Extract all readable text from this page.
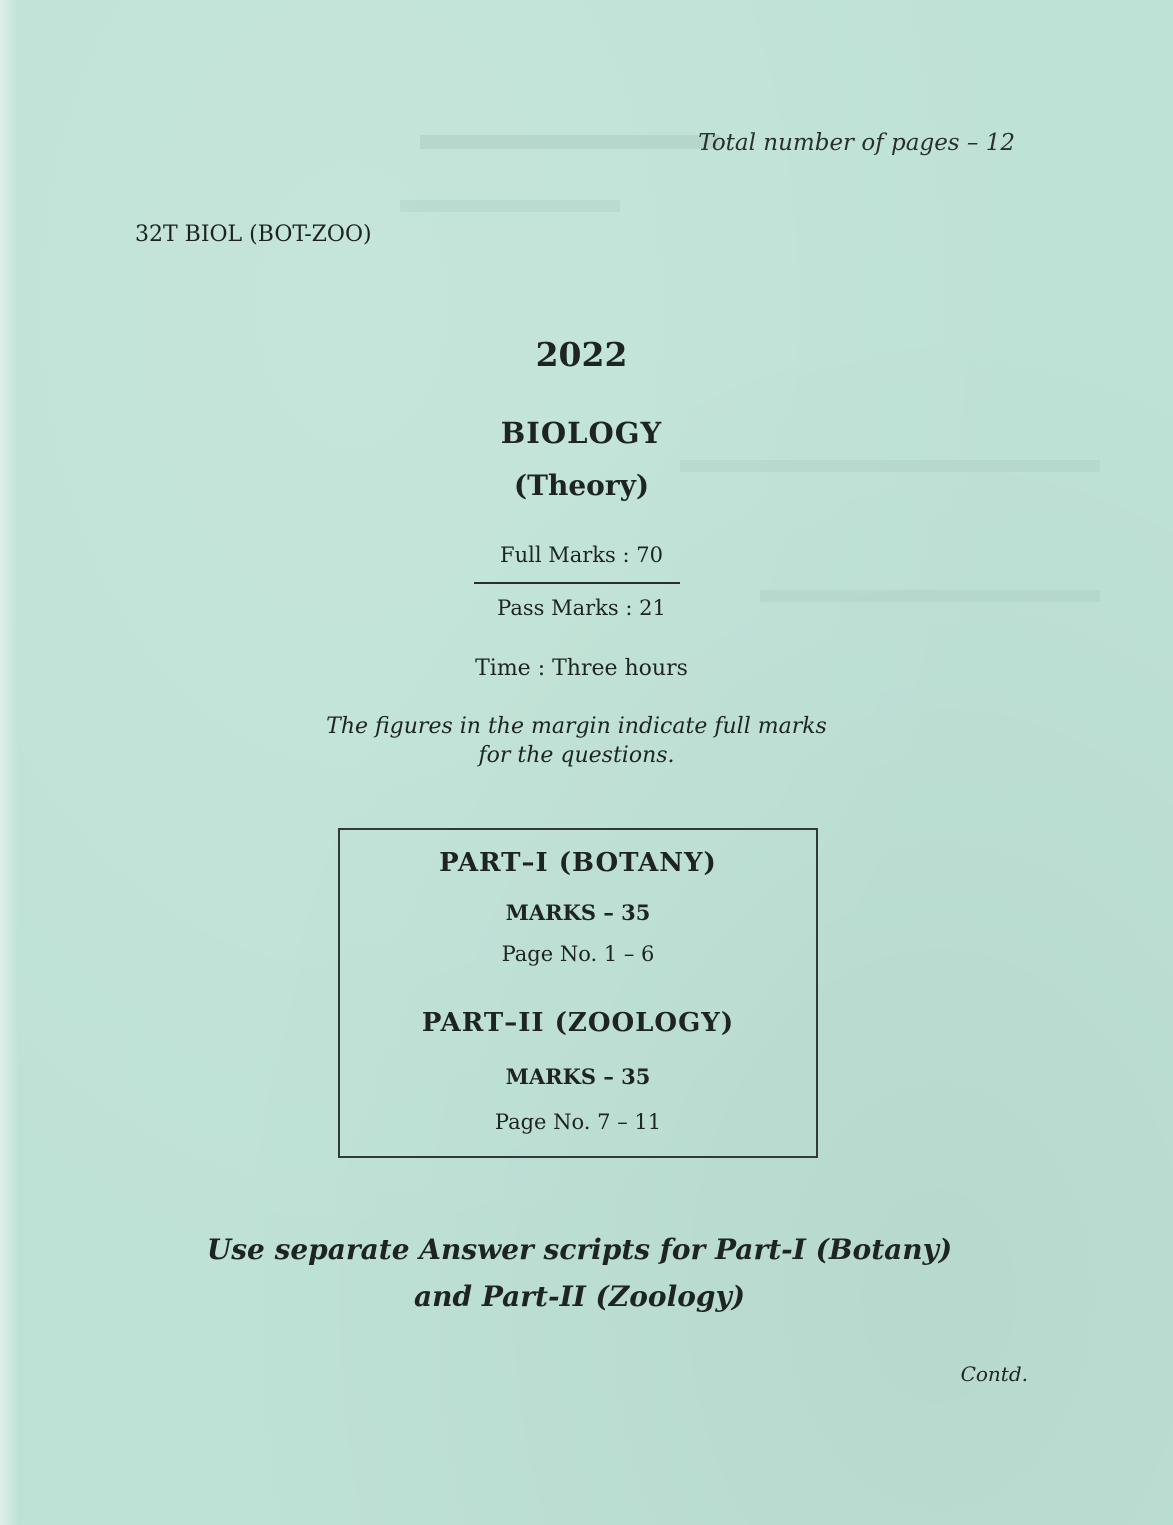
Total number of pages – 12
32T BIOL (BOT-ZOO)
2022
BIOLOGY
(Theory)
Full Marks : 70
Pass Marks : 21
Time : Three hours
The figures in the margin indicate full marks
for the questions.
PART–I (BOTANY)
MARKS – 35
Page No. 1 – 6
PART–II (ZOOLOGY)
MARKS – 35
Page No. 7 – 11
Use separate Answer scripts for Part-I (Botany)
and Part-II (Zoology)
Contd.
